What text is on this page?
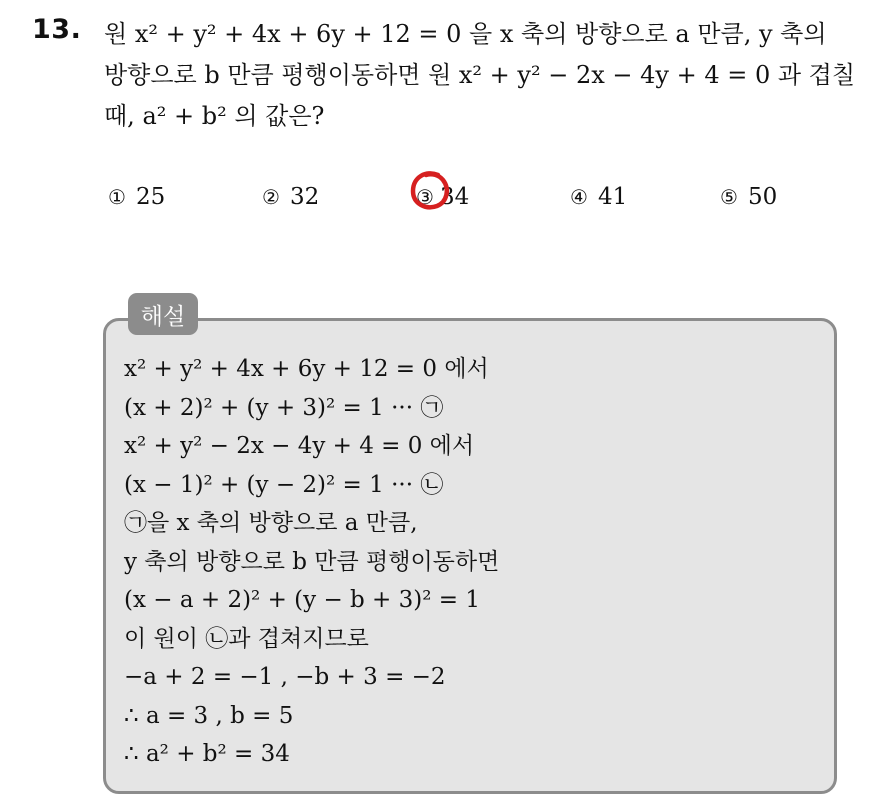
13. 원 x² + y² + 4x + 6y + 12 = 0 을 x 축의 방향으로 a 만큼, y 축의
방향으로 b 만큼 평행이동하면 원 x² + y² − 2x − 4y + 4 = 0 과 겹칠
때, a² + b² 의 값은?
① 25	② 32	③ 34	④ 41	⑤ 50
해설
x² + y² + 4x + 6y + 12 = 0 에서
(x + 2)² + (y + 3)² = 1 ··· ㉠
x² + y² − 2x − 4y + 4 = 0 에서
(x − 1)² + (y − 2)² = 1 ··· ㉡
㉠을 x 축의 방향으로 a 만큼,
y 축의 방향으로 b 만큼 평행이동하면
(x − a + 2)² + (y − b + 3)² = 1
이 원이 ㉡과 겹쳐지므로
−a + 2 = −1 , −b + 3 = −2
∴ a = 3 , b = 5
∴ a² + b² = 34
